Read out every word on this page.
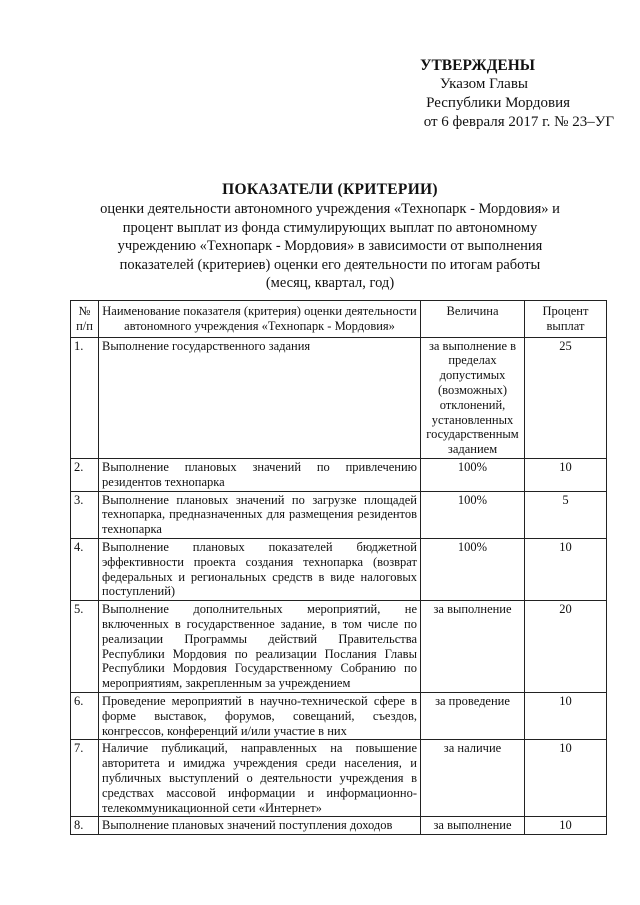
УТВЕРЖДЕНЫ
Указом Главы
Республики Мордовия
от 6 февраля 2017 г. № 23–УГ
ПОКАЗАТЕЛИ (КРИТЕРИИ)
оценки деятельности автономного учреждения «Технопарк - Мордовия» и
процент выплат из фонда стимулирующих выплат по автономному
учреждению «Технопарк - Мордовия» в зависимости от выполнения
показателей (критериев) оценки его деятельности по итогам работы
(месяц, квартал, год)
№ п/п	Наименование показателя (критерия) оценки деятельности автономного учреждения «Технопарк - Мордовия»	Величина	Процент выплат
1.	Выполнение государственного задания	за выполнение в пределах допустимых (возможных) отклонений, установленных государственным заданием	25
2.	Выполнение плановых значений по привлечению резидентов технопарка	100%	10
3.	Выполнение плановых значений по загрузке площадей технопарка, предназначенных для размещения резидентов технопарка	100%	5
4.	Выполнение плановых показателей бюджетной эффективности проекта создания технопарка (возврат федеральных и региональных средств в виде налоговых поступлений)	100%	10
5.	Выполнение дополнительных мероприятий, не включенных в государственное задание, в том числе по реализации Программы действий Правительства Республики Мордовия по реализации Послания Главы Республики Мордовия Государственному Собранию по мероприятиям, закрепленным за учреждением	за выполнение	20
6.	Проведение мероприятий в научно-технической сфере в форме выставок, форумов, совещаний, съездов, конгрессов, конференций и/или участие в них	за проведение	10
7.	Наличие публикаций, направленных на повышение авторитета и имиджа учреждения среди населения, и публичных выступлений о деятельности учреждения в средствах массовой информации и информационно-телекоммуникационной сети «Интернет»	за наличие	10
8.	Выполнение плановых значений поступления доходов	за выполнение	10
